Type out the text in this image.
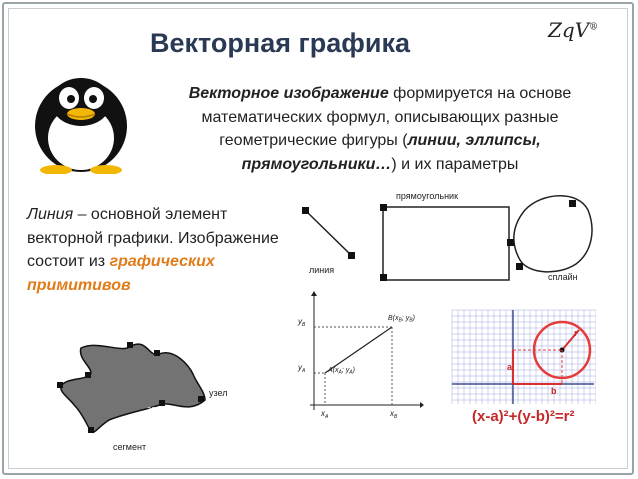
Векторная графика	ZqV®
Векторное изображение формируется на основе математических формул, описывающих разные геометрические фигуры (линии, эллипсы, прямоугольники…) и их параметры
Линия – основной элемент векторной графики. Изображение состоит из графических примитивов
линия
прямоугольник
сплайн
$y_B$
$y_A$
$x_A$	$x_B$
$A(x_A$; $y_A$)
$B(x_B$; $y_B$)
r
a
b
(x-a)²+(y-b)²=r²
узел
заливка
сегмент
